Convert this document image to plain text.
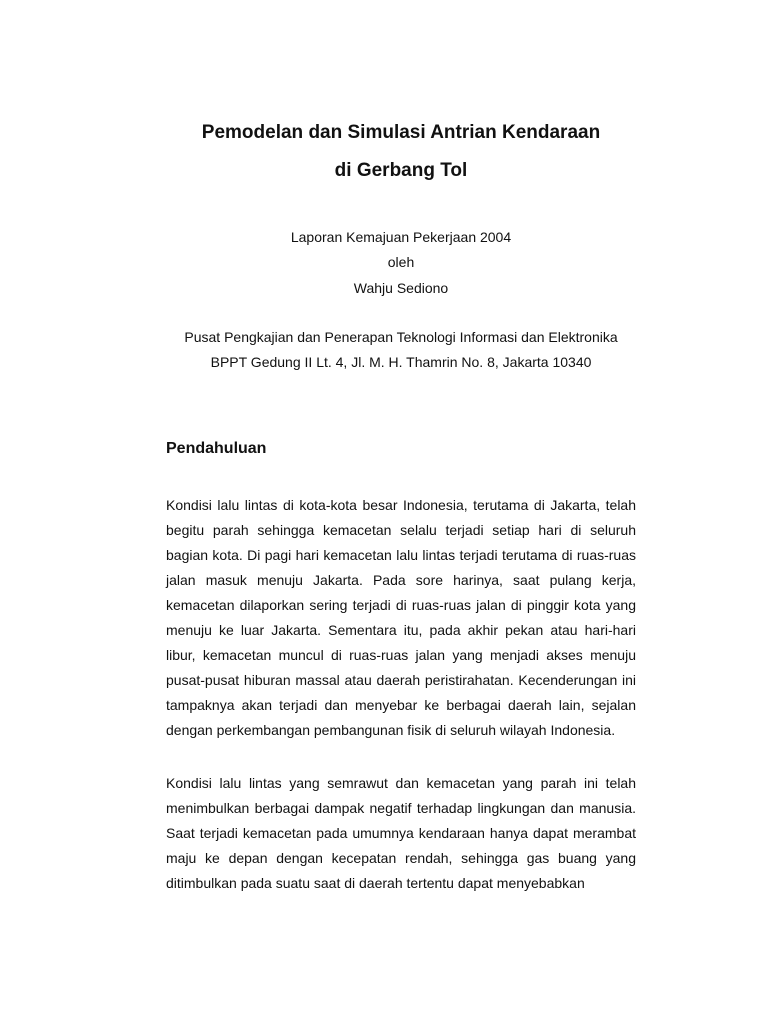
Pemodelan dan Simulasi Antrian Kendaraan
di Gerbang Tol

Laporan Kemajuan Pekerjaan 2004

oleh

Wahju Sediono

Pusat Pengkajian dan Penerapan Teknologi Informasi dan Elektronika

BPPT Gedung II Lt. 4, Jl. M. H. Thamrin No. 8, Jakarta 10340

Pendahuluan

Kondisi lalu lintas di kota-kota besar Indonesia, terutama di Jakarta, telah begitu parah sehingga kemacetan selalu terjadi setiap hari di seluruh bagian kota. Di pagi hari kemacetan lalu lintas terjadi terutama di ruas-ruas jalan masuk menuju Jakarta. Pada sore harinya, saat pulang kerja, kemacetan dilaporkan sering terjadi di ruas-ruas jalan di pinggir kota yang menuju ke luar Jakarta. Sementara itu, pada akhir pekan atau hari-hari libur, kemacetan muncul di ruas-ruas jalan yang menjadi akses menuju pusat-pusat hiburan massal atau daerah peristirahatan. Kecenderungan ini tampaknya akan terjadi dan menyebar ke berbagai daerah lain, sejalan dengan perkembangan pembangunan fisik di seluruh wilayah Indonesia.

Kondisi lalu lintas yang semrawut dan kemacetan yang parah ini telah menimbulkan berbagai dampak negatif terhadap lingkungan dan manusia. Saat terjadi kemacetan pada umumnya kendaraan hanya dapat merambat maju ke depan dengan kecepatan rendah, sehingga gas buang yang ditimbulkan pada suatu saat di daerah tertentu dapat menyebabkan
